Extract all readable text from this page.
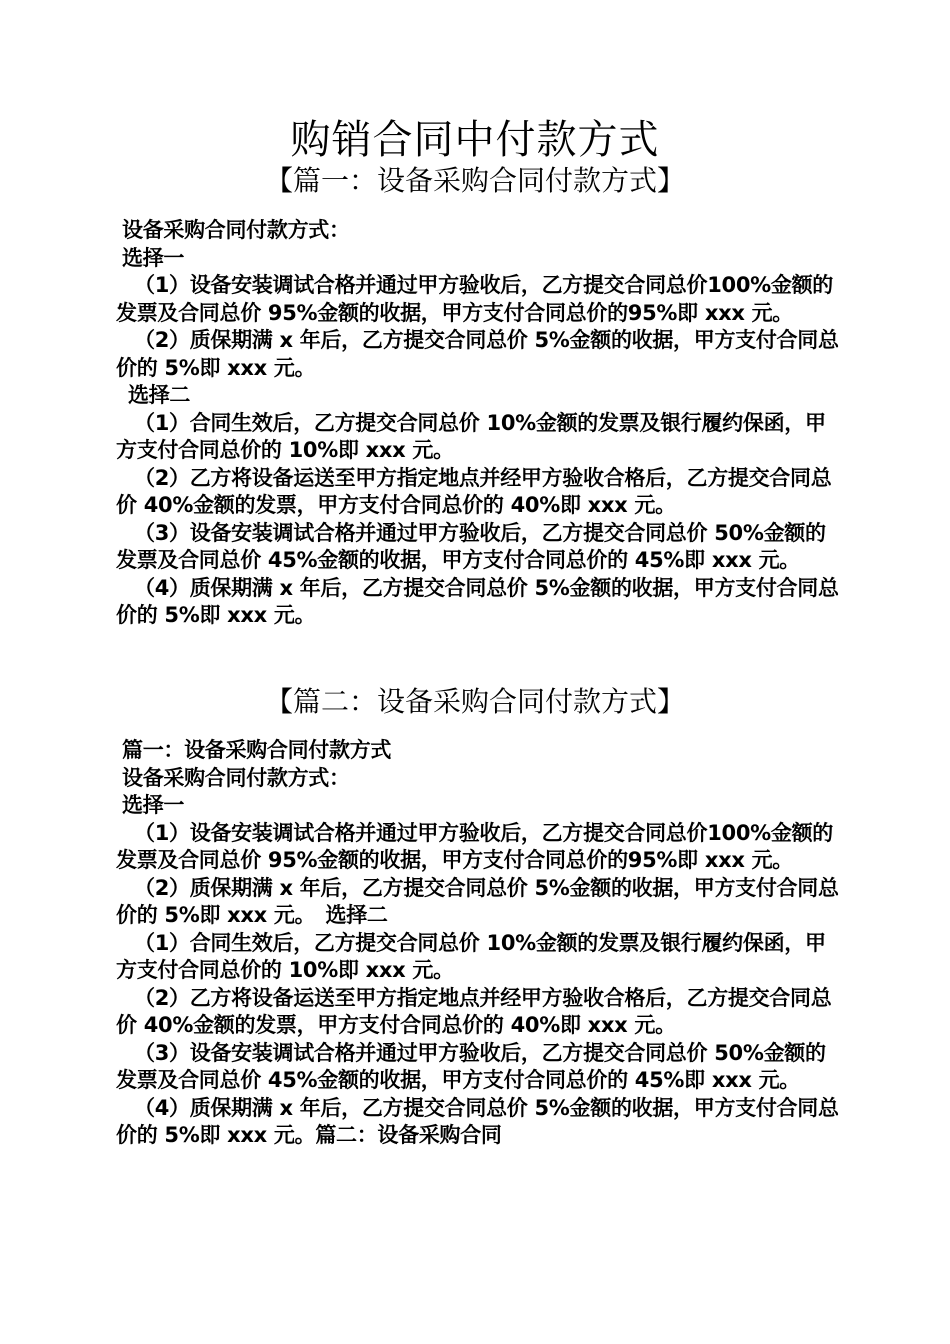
购销合同中付款方式
【篇一：设备采购合同付款方式】

设备采购合同付款方式：

选择一

（1）设备安装调试合格并通过甲方验收后，乙方提交合同总价100%金额的发票及合同总价 95%金额的收据，甲方支付合同总价的95%即 xxx 元。

（2）质保期满 x 年后，乙方提交合同总价 5%金额的收据，甲方支付合同总价的 5%即 xxx 元。

选择二

（1）合同生效后，乙方提交合同总价 10%金额的发票及银行履约保函，甲方支付合同总价的 10%即 xxx 元。

（2）乙方将设备运送至甲方指定地点并经甲方验收合格后，乙方提交合同总价 40%金额的发票，甲方支付合同总价的 40%即 xxx 元。

（3）设备安装调试合格并通过甲方验收后，乙方提交合同总价 50%金额的发票及合同总价 45%金额的收据，甲方支付合同总价的 45%即 xxx 元。

（4）质保期满 x 年后，乙方提交合同总价 5%金额的收据，甲方支付合同总价的 5%即 xxx 元。

【篇二：设备采购合同付款方式】

篇一：设备采购合同付款方式

设备采购合同付款方式：

选择一

（1）设备安装调试合格并通过甲方验收后，乙方提交合同总价100%金额的发票及合同总价 95%金额的收据，甲方支付合同总价的95%即 xxx 元。

（2）质保期满 x 年后，乙方提交合同总价 5%金额的收据，甲方支付合同总价的 5%即 xxx 元。　选择二

（1）合同生效后，乙方提交合同总价 10%金额的发票及银行履约保函，甲方支付合同总价的 10%即 xxx 元。

（2）乙方将设备运送至甲方指定地点并经甲方验收合格后，乙方提交合同总价 40%金额的发票，甲方支付合同总价的 40%即 xxx 元。

（3）设备安装调试合格并通过甲方验收后，乙方提交合同总价 50%金额的发票及合同总价 45%金额的收据，甲方支付合同总价的 45%即 xxx 元。

（4）质保期满 x 年后，乙方提交合同总价 5%金额的收据，甲方支付合同总价的 5%即 xxx 元。篇二：设备采购合同
